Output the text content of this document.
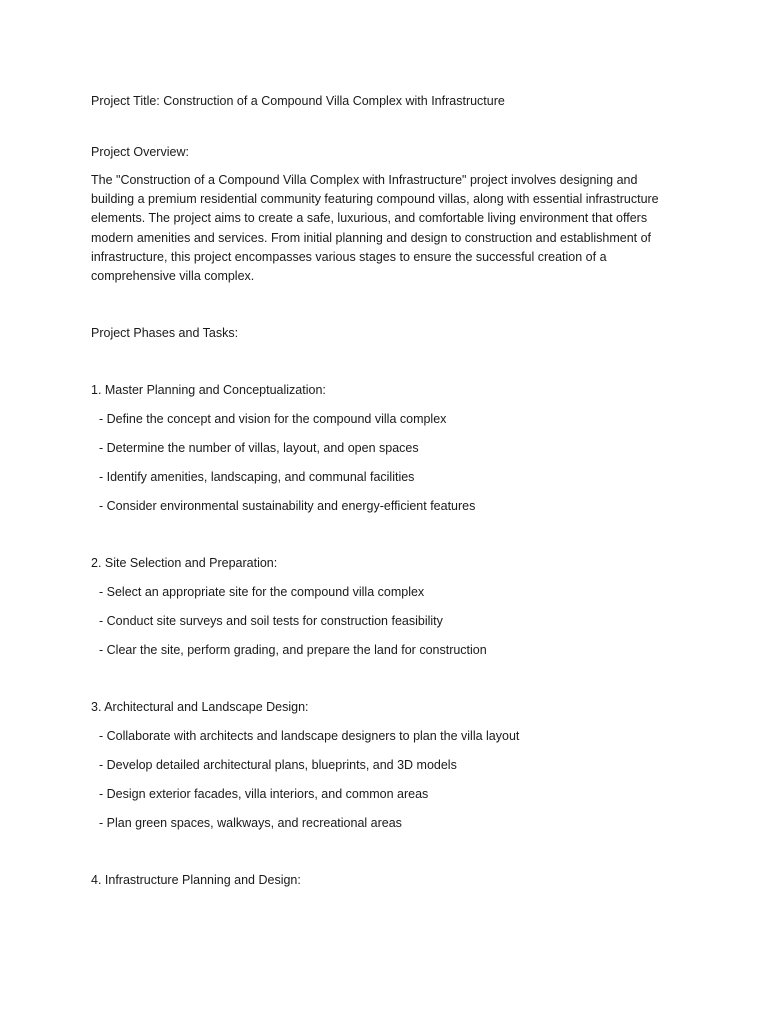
Project Title: Construction of a Compound Villa Complex with Infrastructure

Project Overview:

The "Construction of a Compound Villa Complex with Infrastructure" project involves designing and
building a premium residential community featuring compound villas, along with essential infrastructure
elements. The project aims to create a safe, luxurious, and comfortable living environment that offers
modern amenities and services. From initial planning and design to construction and establishment of
infrastructure, this project encompasses various stages to ensure the successful creation of a
comprehensive villa complex.

Project Phases and Tasks:

1. Master Planning and Conceptualization:

- Define the concept and vision for the compound villa complex

- Determine the number of villas, layout, and open spaces

- Identify amenities, landscaping, and communal facilities

- Consider environmental sustainability and energy-efficient features

2. Site Selection and Preparation:

- Select an appropriate site for the compound villa complex

- Conduct site surveys and soil tests for construction feasibility

- Clear the site, perform grading, and prepare the land for construction

3. Architectural and Landscape Design:

- Collaborate with architects and landscape designers to plan the villa layout

- Develop detailed architectural plans, blueprints, and 3D models

- Design exterior facades, villa interiors, and common areas

- Plan green spaces, walkways, and recreational areas

4. Infrastructure Planning and Design:
